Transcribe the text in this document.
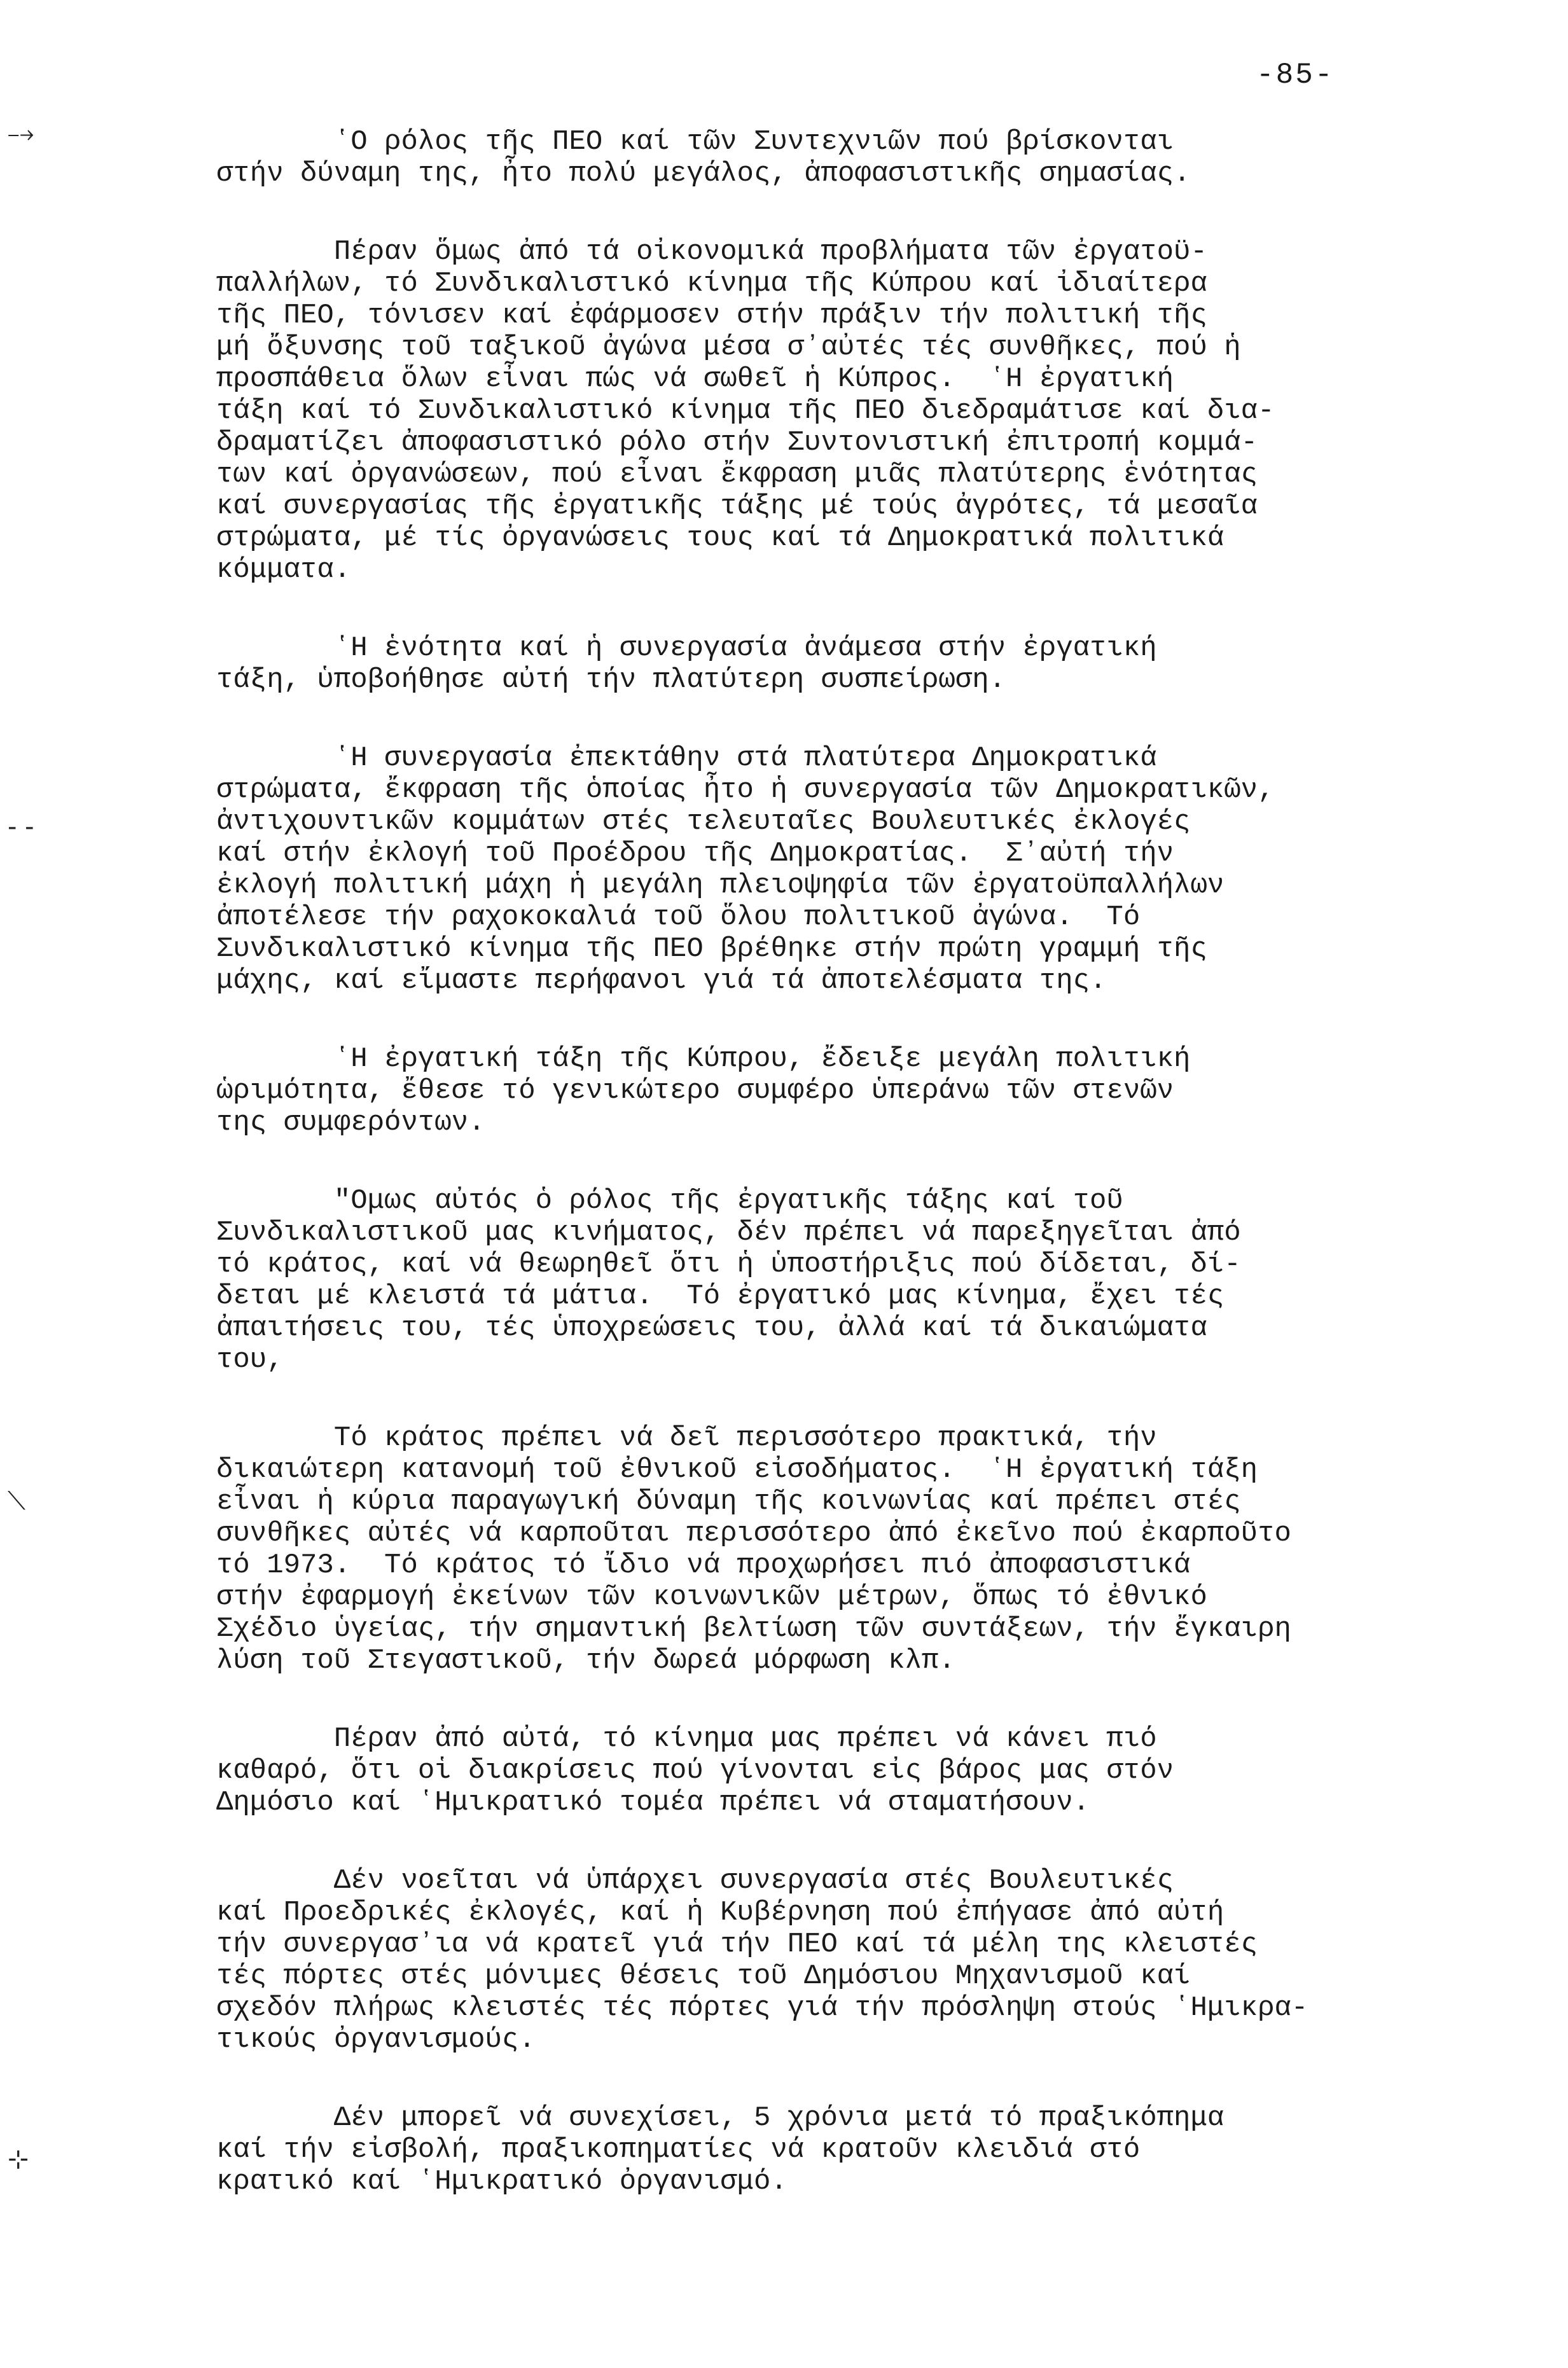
-85-
⤍
- -
⟍
⊹
ʽΟ ρόλος τῆς ΠΕΟ καί τῶν Συντεχνιῶν πού βρίσκονται
στήν δύναμη της, ἦτο πολύ μεγάλος, ἀποφασιστικῆς σημασίας.
Πέραν ὅμως ἀπό τά οἰκονομικά προβλήματα τῶν ἐργατοϋ-
παλλήλων, τό Συνδικαλιστικό κίνημα τῆς Κύπρου καί ἰδιαίτερα
τῆς ΠΕΟ, τόνισεν καί ἐφάρμοσεν στήν πράξιν τήν πολιτική τῆς
μή ὄξυνσης τοῦ ταξικοῦ ἀγώνα μέσα σʼαὐτές τές συνθῆκες, πού ἡ
προσπάθεια ὅλων εἶναι πώς νά σωθεῖ ἡ Κύπρος.  ʽΗ ἐργατική
τάξη καί τό Συνδικαλιστικό κίνημα τῆς ΠΕΟ διεδραμάτισε καί δια-
δραματίζει ἀποφασιστικό ρόλο στήν Συντονιστική ἐπιτροπή κομμά-
των καί ὀργανώσεων, πού εἶναι ἔκφραση μιᾶς πλατύτερης ἑνότητας
καί συνεργασίας τῆς ἐργατικῆς τάξης μέ τούς ἀγρότες, τά μεσαῖα
στρώματα, μέ τίς ὀργανώσεις τους καί τά Δημοκρατικά πολιτικά
κόμματα.
ʽΗ ἑνότητα καί ἡ συνεργασία ἀνάμεσα στήν ἐργατική
τάξη, ὑποβοήθησε αὐτή τήν πλατύτερη συσπείρωση.
ʽΗ συνεργασία ἐπεκτάθην στά πλατύτερα Δημοκρατικά
στρώματα, ἔκφραση τῆς ὁποίας ἦτο ἡ συνεργασία τῶν Δημοκρατικῶν,
ἀντιχουντικῶν κομμάτων στές τελευταῖες Βουλευτικές ἐκλογές
καί στήν ἐκλογή τοῦ Προέδρου τῆς Δημοκρατίας.  Σʼαὐτή τήν
ἐκλογή πολιτική μάχη ἡ μεγάλη πλειοψηφία τῶν ἐργατοϋπαλλήλων
ἀποτέλεσε τήν ραχοκοκαλιά τοῦ ὅλου πολιτικοῦ ἀγώνα.  Τό
Συνδικαλιστικό κίνημα τῆς ΠΕΟ βρέθηκε στήν πρώτη γραμμή τῆς
μάχης, καί εἴμαστε περήφανοι γιά τά ἀποτελέσματα της.
ʽΗ ἐργατική τάξη τῆς Κύπρου, ἔδειξε μεγάλη πολιτική
ὡριμότητα, ἔθεσε τό γενικώτερο συμφέρο ὑπεράνω τῶν στενῶν
της συμφερόντων.
ʺΟμως αὐτός ὁ ρόλος τῆς ἐργατικῆς τάξης καί τοῦ
Συνδικαλιστικοῦ μας κινήματος, δέν πρέπει νά παρεξηγεῖται ἀπό
τό κράτος, καί νά θεωρηθεῖ ὅτι ἡ ὑποστήριξις πού δίδεται, δί-
δεται μέ κλειστά τά μάτια.  Τό ἐργατικό μας κίνημα, ἔχει τές
ἀπαιτήσεις του, τές ὑποχρεώσεις του, ἀλλά καί τά δικαιώματα
του,
Τό κράτος πρέπει νά δεῖ περισσότερο πρακτικά, τήν
δικαιώτερη κατανομή τοῦ ἐθνικοῦ εἰσοδήματος.  ʽΗ ἐργατική τάξη
εἶναι ἡ κύρια παραγωγική δύναμη τῆς κοινωνίας καί πρέπει στές
συνθῆκες αὐτές νά καρποῦται περισσότερο ἀπό ἐκεῖνο πού ἐκαρποῦτο
τό 1973.  Τό κράτος τό ἴδιο νά προχωρήσει πιό ἀποφασιστικά
στήν ἐφαρμογή ἐκείνων τῶν κοινωνικῶν μέτρων, ὅπως τό ἐθνικό
Σχέδιο ὑγείας, τήν σημαντική βελτίωση τῶν συντάξεων, τήν ἔγκαιρη
λύση τοῦ Στεγαστικοῦ, τήν δωρεά μόρφωση κλπ.
Πέραν ἀπό αὐτά, τό κίνημα μας πρέπει νά κάνει πιό
καθαρό, ὅτι οἱ διακρίσεις πού γίνονται εἰς βάρος μας στόν
Δημόσιο καί ʽΗμικρατικό τομέα πρέπει νά σταματήσουν.
Δέν νοεῖται νά ὑπάρχει συνεργασία στές Βουλευτικές
καί Προεδρικές ἐκλογές, καί ἡ Κυβέρνηση πού ἐπήγασε ἀπό αὐτή
τήν συνεργασʼια νά κρατεῖ γιά τήν ΠΕΟ καί τά μέλη της κλειστές
τές πόρτες στές μόνιμες θέσεις τοῦ Δημόσιου Μηχανισμοῦ καί
σχεδόν πλήρως κλειστές τές πόρτες γιά τήν πρόσληψη στούς ʽΗμικρα-
τικούς ὀργανισμούς.
Δέν μπορεῖ νά συνεχίσει, 5 χρόνια μετά τό πραξικόπημα
καί τήν εἰσβολή, πραξικοπηματίες νά κρατοῦν κλειδιά στό
κρατικό καί ʽΗμικρατικό ὀργανισμό.
